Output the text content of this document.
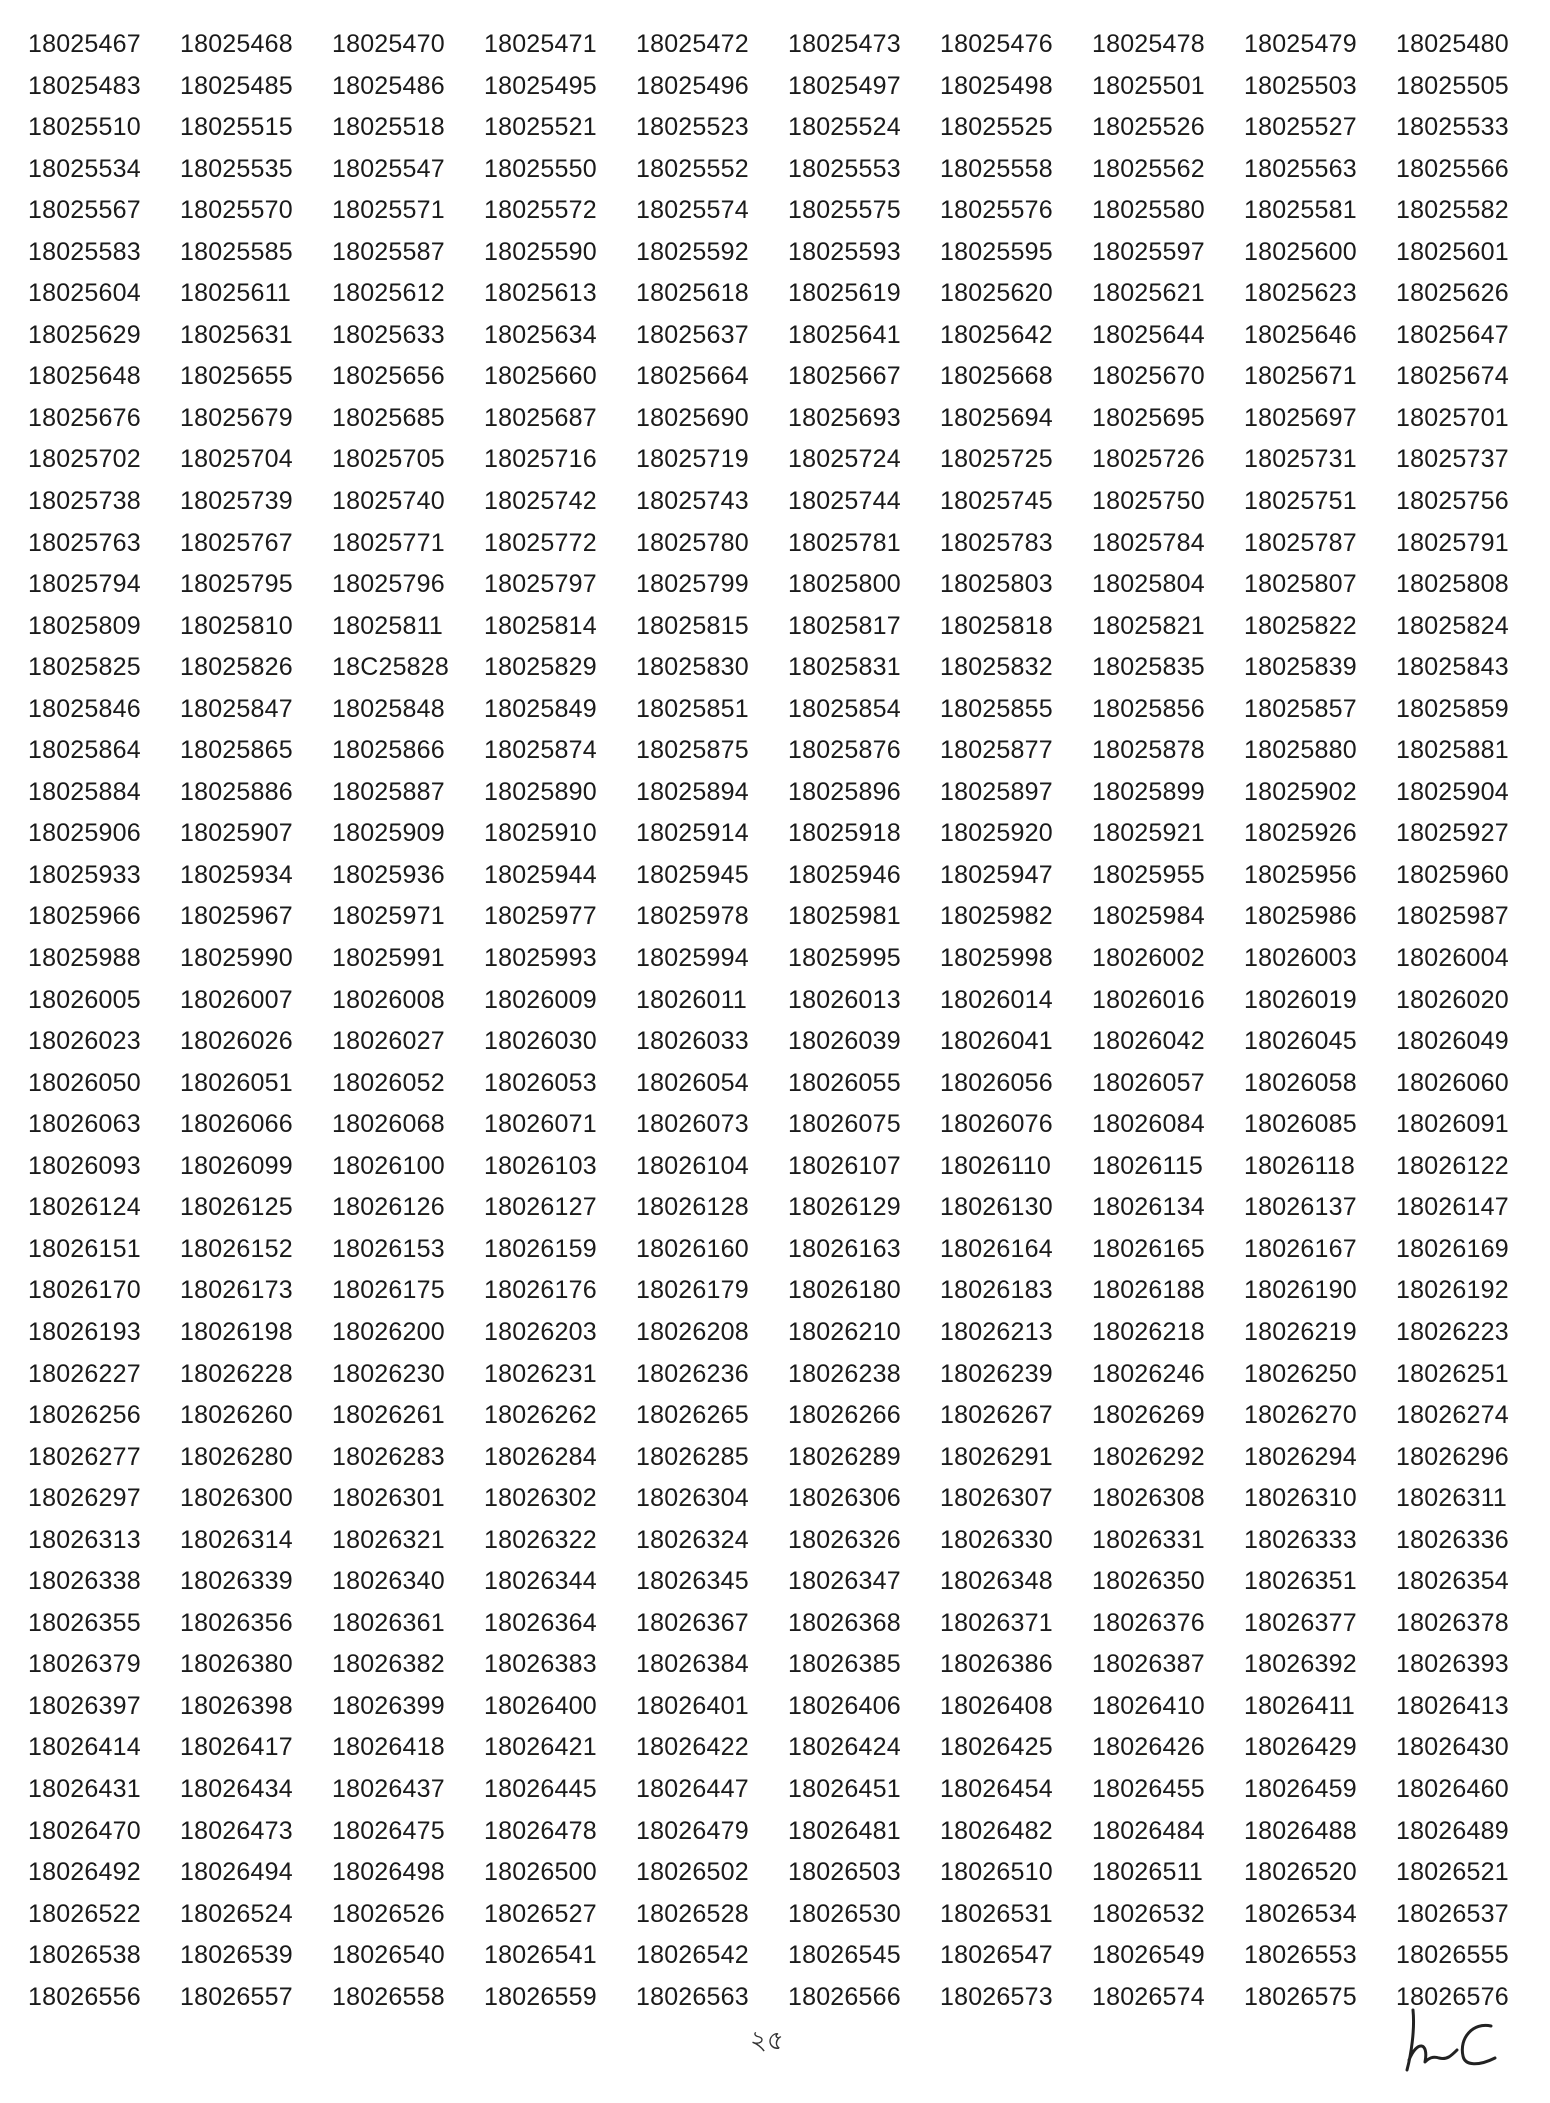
18025467	18025468	18025470	18025471	18025472	18025473	18025476	18025478	18025479	18025480
18025483	18025485	18025486	18025495	18025496	18025497	18025498	18025501	18025503	18025505
18025510	18025515	18025518	18025521	18025523	18025524	18025525	18025526	18025527	18025533
18025534	18025535	18025547	18025550	18025552	18025553	18025558	18025562	18025563	18025566
18025567	18025570	18025571	18025572	18025574	18025575	18025576	18025580	18025581	18025582
18025583	18025585	18025587	18025590	18025592	18025593	18025595	18025597	18025600	18025601
18025604	18025611	18025612	18025613	18025618	18025619	18025620	18025621	18025623	18025626
18025629	18025631	18025633	18025634	18025637	18025641	18025642	18025644	18025646	18025647
18025648	18025655	18025656	18025660	18025664	18025667	18025668	18025670	18025671	18025674
18025676	18025679	18025685	18025687	18025690	18025693	18025694	18025695	18025697	18025701
18025702	18025704	18025705	18025716	18025719	18025724	18025725	18025726	18025731	18025737
18025738	18025739	18025740	18025742	18025743	18025744	18025745	18025750	18025751	18025756
18025763	18025767	18025771	18025772	18025780	18025781	18025783	18025784	18025787	18025791
18025794	18025795	18025796	18025797	18025799	18025800	18025803	18025804	18025807	18025808
18025809	18025810	18025811	18025814	18025815	18025817	18025818	18025821	18025822	18025824
18025825	18025826	18C25828	18025829	18025830	18025831	18025832	18025835	18025839	18025843
18025846	18025847	18025848	18025849	18025851	18025854	18025855	18025856	18025857	18025859
18025864	18025865	18025866	18025874	18025875	18025876	18025877	18025878	18025880	18025881
18025884	18025886	18025887	18025890	18025894	18025896	18025897	18025899	18025902	18025904
18025906	18025907	18025909	18025910	18025914	18025918	18025920	18025921	18025926	18025927
18025933	18025934	18025936	18025944	18025945	18025946	18025947	18025955	18025956	18025960
18025966	18025967	18025971	18025977	18025978	18025981	18025982	18025984	18025986	18025987
18025988	18025990	18025991	18025993	18025994	18025995	18025998	18026002	18026003	18026004
18026005	18026007	18026008	18026009	18026011	18026013	18026014	18026016	18026019	18026020
18026023	18026026	18026027	18026030	18026033	18026039	18026041	18026042	18026045	18026049
18026050	18026051	18026052	18026053	18026054	18026055	18026056	18026057	18026058	18026060
18026063	18026066	18026068	18026071	18026073	18026075	18026076	18026084	18026085	18026091
18026093	18026099	18026100	18026103	18026104	18026107	18026110	18026115	18026118	18026122
18026124	18026125	18026126	18026127	18026128	18026129	18026130	18026134	18026137	18026147
18026151	18026152	18026153	18026159	18026160	18026163	18026164	18026165	18026167	18026169
18026170	18026173	18026175	18026176	18026179	18026180	18026183	18026188	18026190	18026192
18026193	18026198	18026200	18026203	18026208	18026210	18026213	18026218	18026219	18026223
18026227	18026228	18026230	18026231	18026236	18026238	18026239	18026246	18026250	18026251
18026256	18026260	18026261	18026262	18026265	18026266	18026267	18026269	18026270	18026274
18026277	18026280	18026283	18026284	18026285	18026289	18026291	18026292	18026294	18026296
18026297	18026300	18026301	18026302	18026304	18026306	18026307	18026308	18026310	18026311
18026313	18026314	18026321	18026322	18026324	18026326	18026330	18026331	18026333	18026336
18026338	18026339	18026340	18026344	18026345	18026347	18026348	18026350	18026351	18026354
18026355	18026356	18026361	18026364	18026367	18026368	18026371	18026376	18026377	18026378
18026379	18026380	18026382	18026383	18026384	18026385	18026386	18026387	18026392	18026393
18026397	18026398	18026399	18026400	18026401	18026406	18026408	18026410	18026411	18026413
18026414	18026417	18026418	18026421	18026422	18026424	18026425	18026426	18026429	18026430
18026431	18026434	18026437	18026445	18026447	18026451	18026454	18026455	18026459	18026460
18026470	18026473	18026475	18026478	18026479	18026481	18026482	18026484	18026488	18026489
18026492	18026494	18026498	18026500	18026502	18026503	18026510	18026511	18026520	18026521
18026522	18026524	18026526	18026527	18026528	18026530	18026531	18026532	18026534	18026537
18026538	18026539	18026540	18026541	18026542	18026545	18026547	18026549	18026553	18026555
18026556	18026557	18026558	18026559	18026563	18026566	18026573	18026574	18026575	18026576
২৫
